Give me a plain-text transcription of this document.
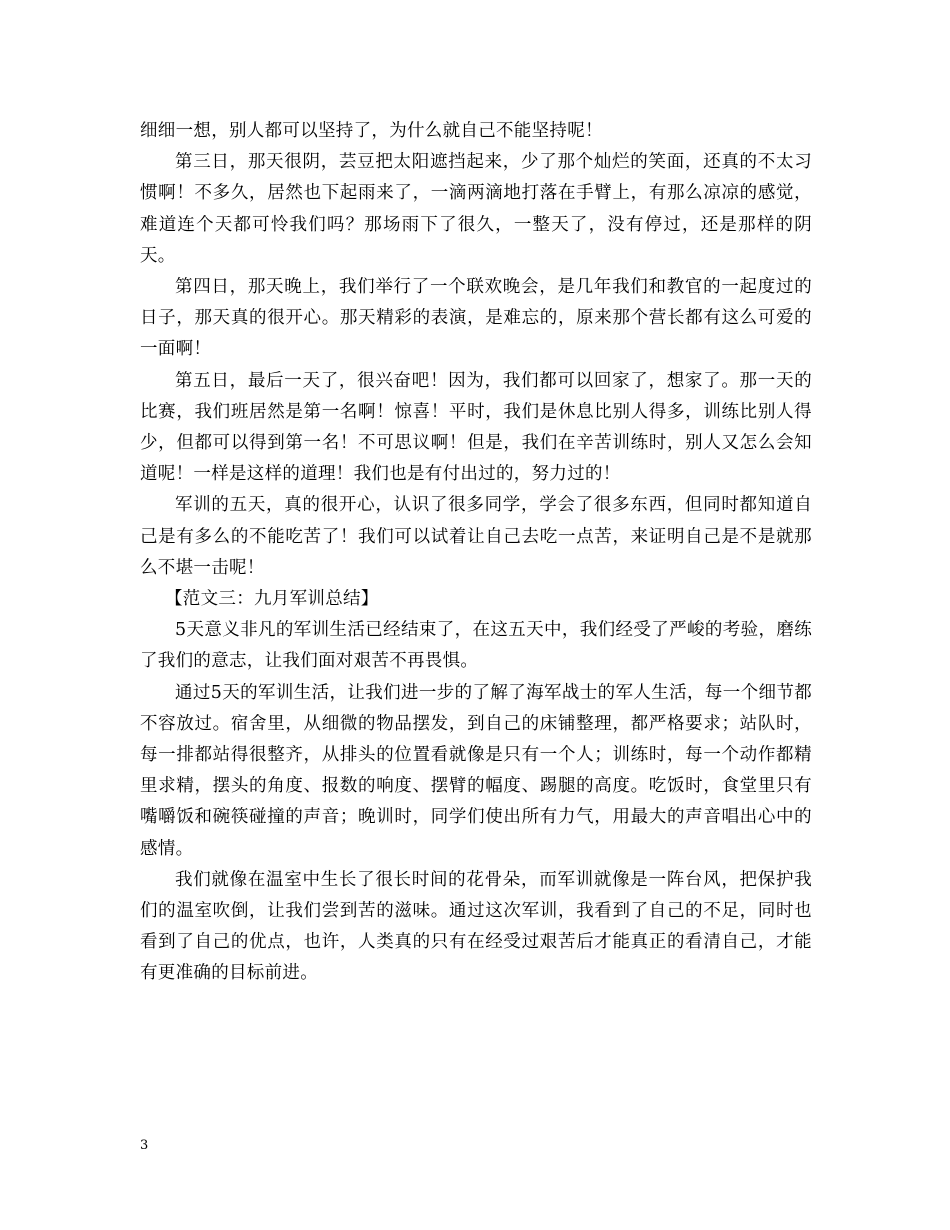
细细一想，别人都可以坚持了，为什么就自己不能坚持呢！

第三日，那天很阴，芸豆把太阳遮挡起来，少了那个灿烂的笑面，还真的不太习惯啊！不多久，居然也下起雨来了，一滴两滴地打落在手臂上，有那么凉凉的感觉，难道连个天都可怜我们吗？那场雨下了很久，一整天了，没有停过，还是那样的阴天。

第四日，那天晚上，我们举行了一个联欢晚会，是几年我们和教官的一起度过的日子，那天真的很开心。那天精彩的表演，是难忘的，原来那个营长都有这么可爱的一面啊！

第五日，最后一天了，很兴奋吧！因为，我们都可以回家了，想家了。那一天的比赛，我们班居然是第一名啊！惊喜！平时，我们是休息比别人得多，训练比别人得少，但都可以得到第一名！不可思议啊！但是，我们在辛苦训练时，别人又怎么会知道呢！一样是这样的道理！我们也是有付出过的，努力过的！

军训的五天，真的很开心，认识了很多同学，学会了很多东西，但同时都知道自己是有多么的不能吃苦了！我们可以试着让自己去吃一点苦，来证明自己是不是就那么不堪一击呢！

【范文三：九月军训总结】

5天意义非凡的军训生活已经结束了，在这五天中，我们经受了严峻的考验，磨练了我们的意志，让我们面对艰苦不再畏惧。

通过5天的军训生活，让我们进一步的了解了海军战士的军人生活，每一个细节都不容放过。宿舍里，从细微的物品摆发，到自己的床铺整理，都严格要求；站队时，每一排都站得很整齐，从排头的位置看就像是只有一个人；训练时，每一个动作都精里求精，摆头的角度、报数的响度、摆臂的幅度、踢腿的高度。吃饭时，食堂里只有嘴嚼饭和碗筷碰撞的声音；晚训时，同学们使出所有力气，用最大的声音唱出心中的感情。

我们就像在温室中生长了很长时间的花骨朵，而军训就像是一阵台风，把保护我们的温室吹倒，让我们尝到苦的滋味。通过这次军训，我看到了自己的不足，同时也看到了自己的优点，也许，人类真的只有在经受过艰苦后才能真正的看清自己，才能有更准确的目标前进。

3
